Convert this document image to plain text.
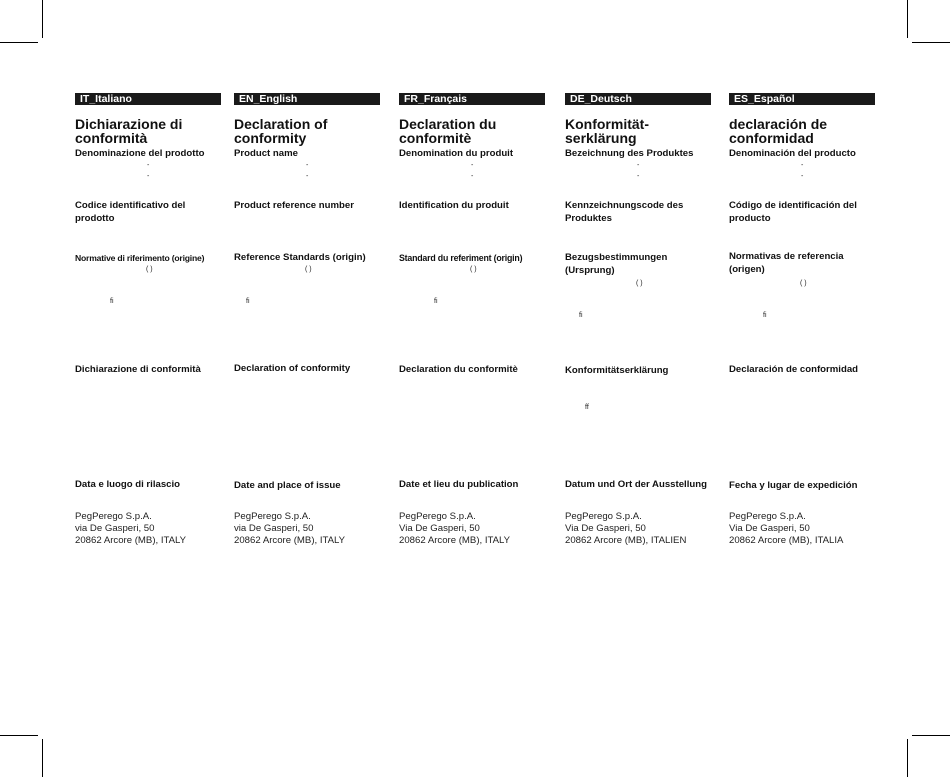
IT_Italiano
Dichiarazione di
conformità
Denominazione del prodotto
-
-
Codice identificativo del prodotto
Normative di riferimento (origine)
( )
fi
Dichiarazione di conformità
Data e luogo di rilascio
PegPerego S.p.A.
via De Gasperi, 50
20862 Arcore (MB), ITALY
EN_English
Declaration of
conformity
Product name
-
-
Product reference number
Reference Standards (origin)
( )
fi
Declaration of conformity
Date and place of issue
PegPerego S.p.A.
via De Gasperi, 50
20862 Arcore (MB), ITALY
FR_Français
Declaration du
conformitè
Denomination du produit
-
-
Identification du produit
Standard du referiment (origin)
( )
fi
Declaration du conformitè
Date et lieu du publication
PegPerego S.p.A.
Via De Gasperi, 50
20862 Arcore (MB), ITALY
DE_Deutsch
Konformität-
serklärung
Bezeichnung des Produktes
-
-
Kennzeichnungscode des Produktes
Bezugsbestimmungen (Ursprung)
( )
fi
Konformitätserklärung
ff
Datum und Ort der Ausstellung
PegPerego S.p.A.
Via De Gasperi, 50
20862 Arcore (MB), ITALIEN
ES_Español
declaración de
conformidad
Denominación del producto
-
-
Código de identificación del producto
Normativas de referencia (origen)
( )
fi
Declaración de conformidad
Fecha y lugar de expedición
PegPerego S.p.A.
Via De Gasperi, 50
20862 Arcore (MB), ITALIA
